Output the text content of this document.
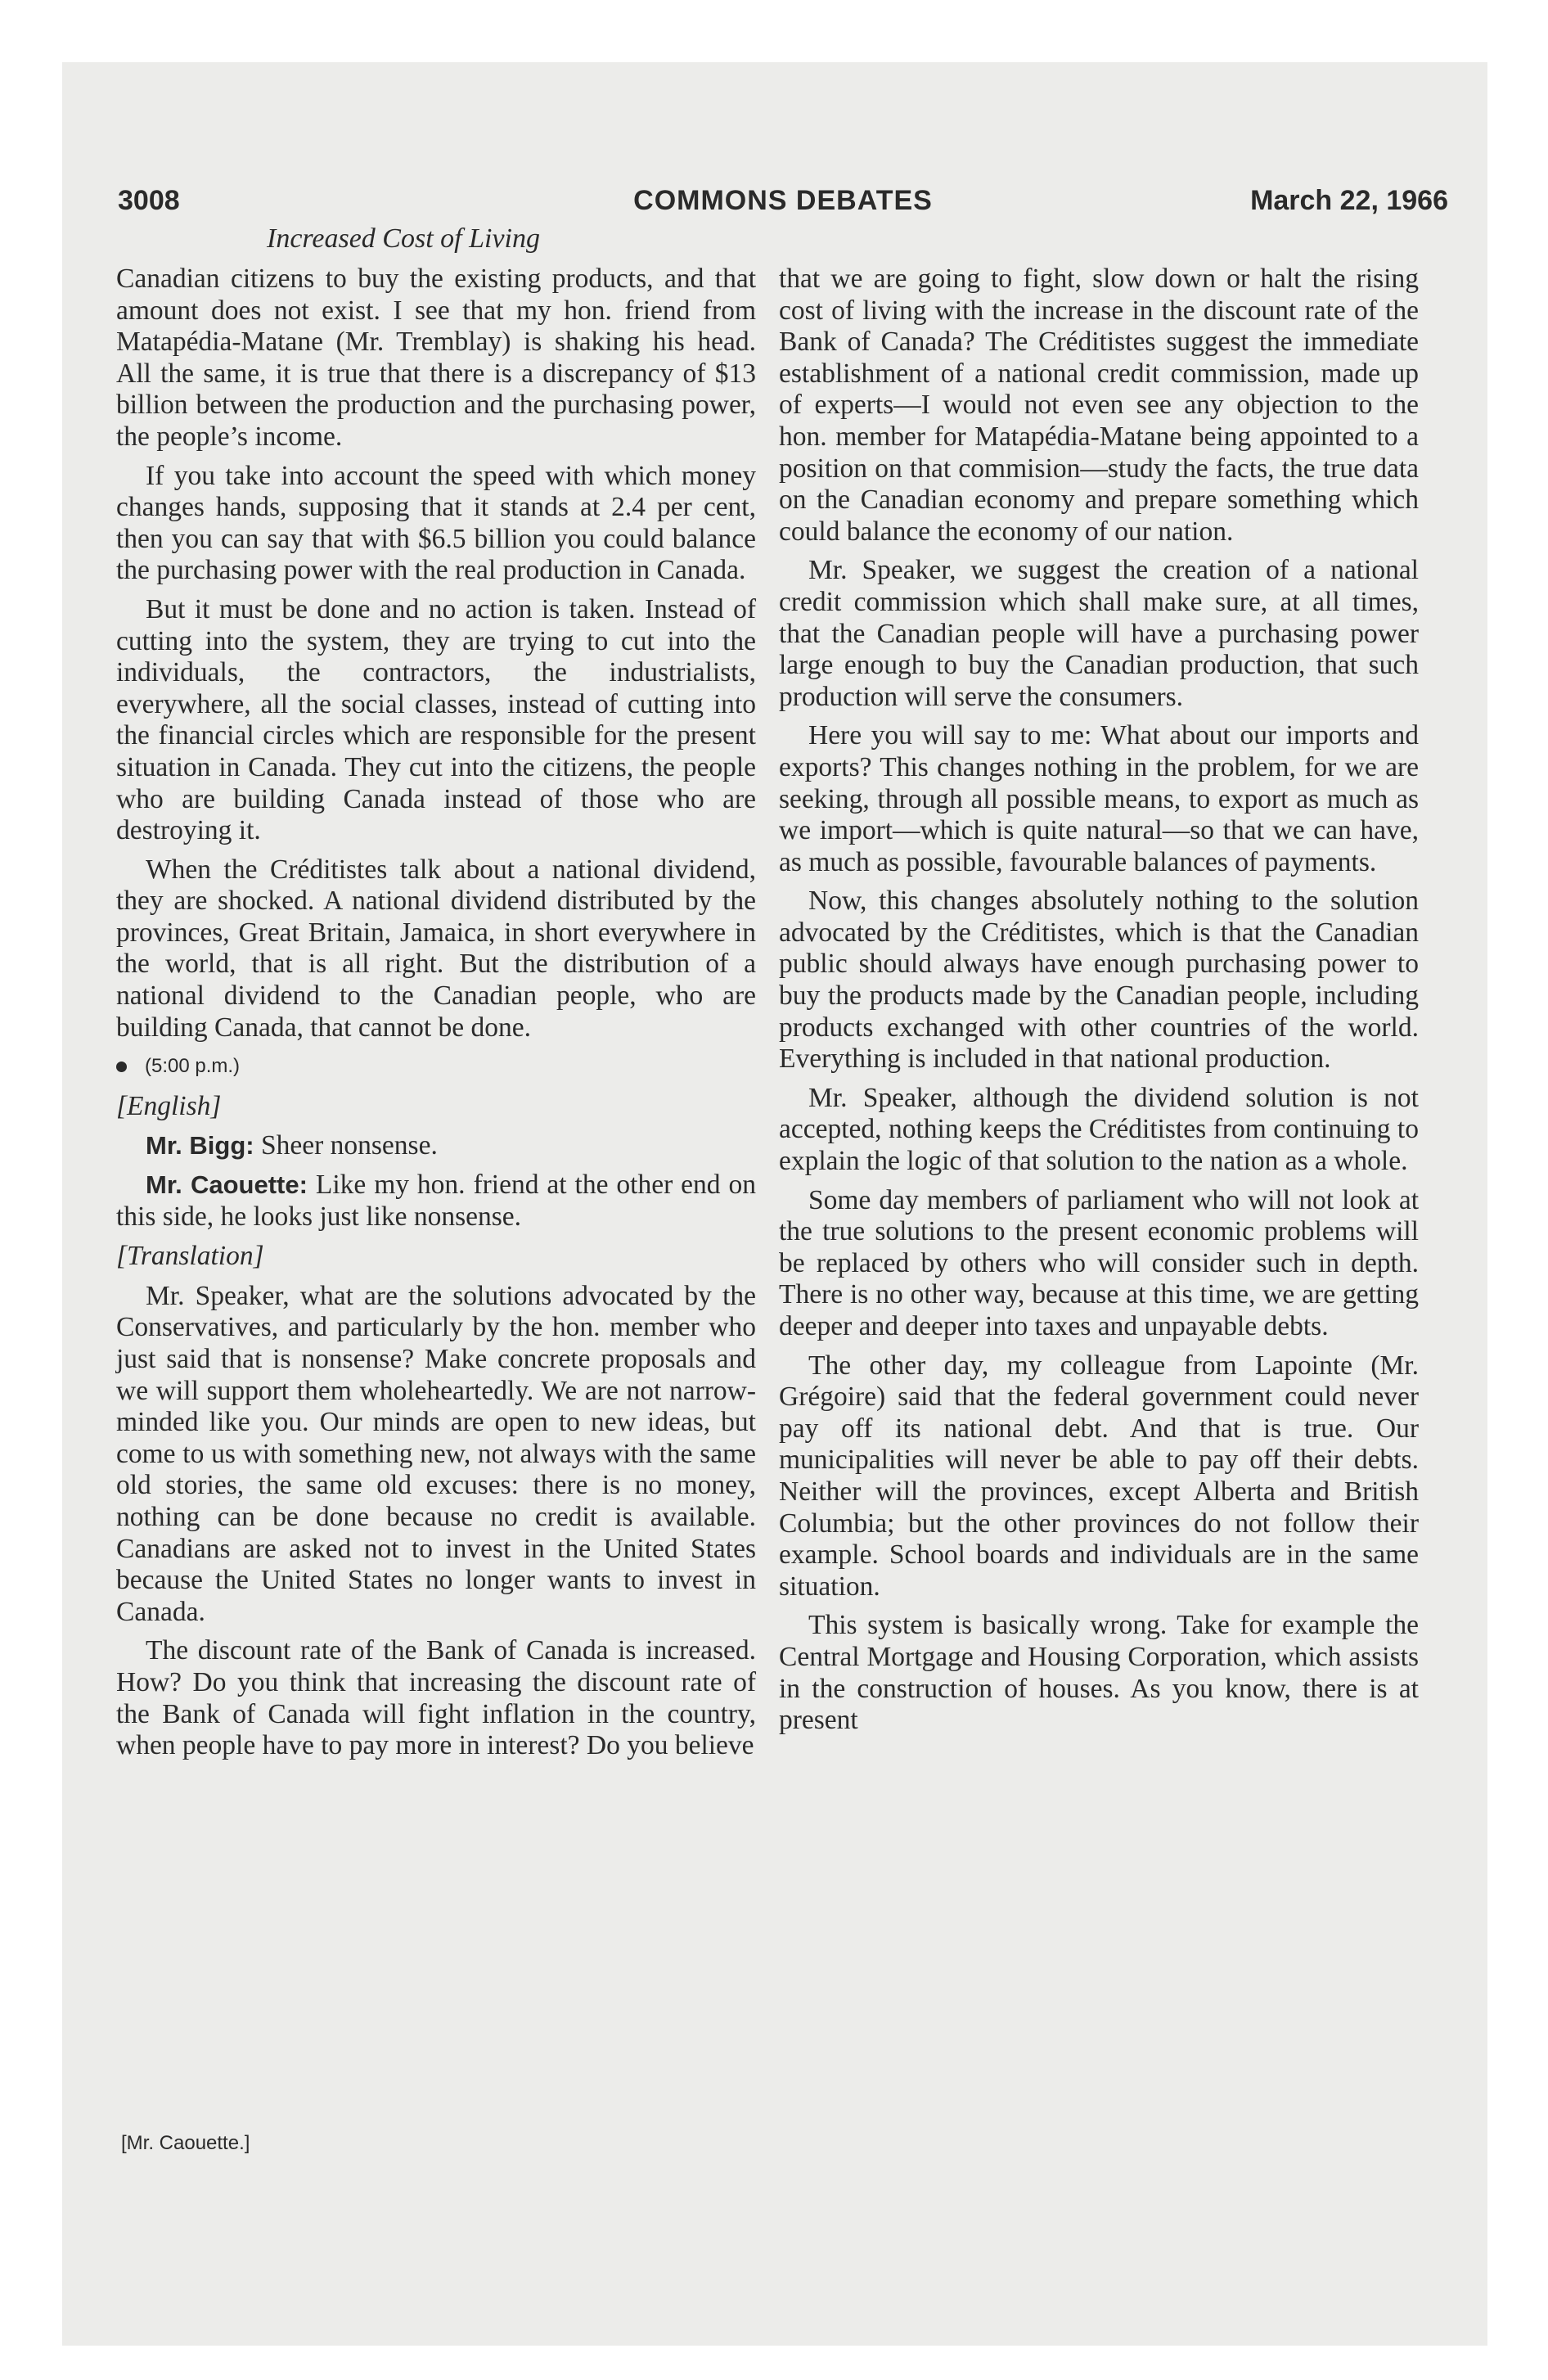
3008	COMMONS DEBATES	March 22, 1966
Increased Cost of Living

Canadian citizens to buy the existing products, and that amount does not exist. I see that my hon. friend from Matapédia-Matane (Mr. Tremblay) is shaking his head. All the same, it is true that there is a discrepancy of $13 billion between the production and the purchasing power, the people’s income.

If you take into account the speed with which money changes hands, supposing that it stands at 2.4 per cent, then you can say that with $6.5 billion you could balance the purchasing power with the real production in Canada.

But it must be done and no action is taken. Instead of cutting into the system, they are trying to cut into the individuals, the contractors, the industrialists, everywhere, all the social classes, instead of cutting into the financial circles which are responsible for the present situation in Canada. They cut into the citizens, the people who are building Canada instead of those who are destroying it.

When the Créditistes talk about a national dividend, they are shocked. A national dividend distributed by the provinces, Great Britain, Jamaica, in short everywhere in the world, that is all right. But the distribution of a national dividend to the Canadian people, who are building Canada, that cannot be done.

(5:00 p.m.)
[English]

Mr. Bigg: Sheer nonsense.

Mr. Caouette: Like my hon. friend at the other end on this side, he looks just like nonsense.

[Translation]

Mr. Speaker, what are the solutions advocated by the Conservatives, and particularly by the hon. member who just said that is nonsense? Make concrete proposals and we will support them wholeheartedly. We are not narrow-minded like you. Our minds are open to new ideas, but come to us with something new, not always with the same old stories, the same old excuses: there is no money, nothing can be done because no credit is available. Canadians are asked not to invest in the United States because the United States no longer wants to invest in Canada.

The discount rate of the Bank of Canada is increased. How? Do you think that increasing the discount rate of the Bank of Canada will fight inflation in the country, when people have to pay more in interest? Do you believe

[Mr. Caouette.]

that we are going to fight, slow down or halt the rising cost of living with the increase in the discount rate of the Bank of Canada? The Créditistes suggest the immediate establishment of a national credit commission, made up of experts—I would not even see any objection to the hon. member for Matapédia-Matane being appointed to a position on that commision—study the facts, the true data on the Canadian economy and prepare something which could balance the economy of our nation.

Mr. Speaker, we suggest the creation of a national credit commission which shall make sure, at all times, that the Canadian people will have a purchasing power large enough to buy the Canadian production, that such production will serve the consumers.

Here you will say to me: What about our imports and exports? This changes nothing in the problem, for we are seeking, through all possible means, to export as much as we import—which is quite natural—so that we can have, as much as possible, favourable balances of payments.

Now, this changes absolutely nothing to the solution advocated by the Créditistes, which is that the Canadian public should always have enough purchasing power to buy the products made by the Canadian people, including products exchanged with other countries of the world. Everything is included in that national production.

Mr. Speaker, although the dividend solution is not accepted, nothing keeps the Créditistes from continuing to explain the logic of that solution to the nation as a whole.

Some day members of parliament who will not look at the true solutions to the present economic problems will be replaced by others who will consider such in depth. There is no other way, because at this time, we are getting deeper and deeper into taxes and unpayable debts.

The other day, my colleague from Lapointe (Mr. Grégoire) said that the federal government could never pay off its national debt. And that is true. Our municipalities will never be able to pay off their debts. Neither will the provinces, except Alberta and British Columbia; but the other provinces do not follow their example. School boards and individuals are in the same situation.

This system is basically wrong. Take for example the Central Mortgage and Housing Corporation, which assists in the construction of houses. As you know, there is at present
